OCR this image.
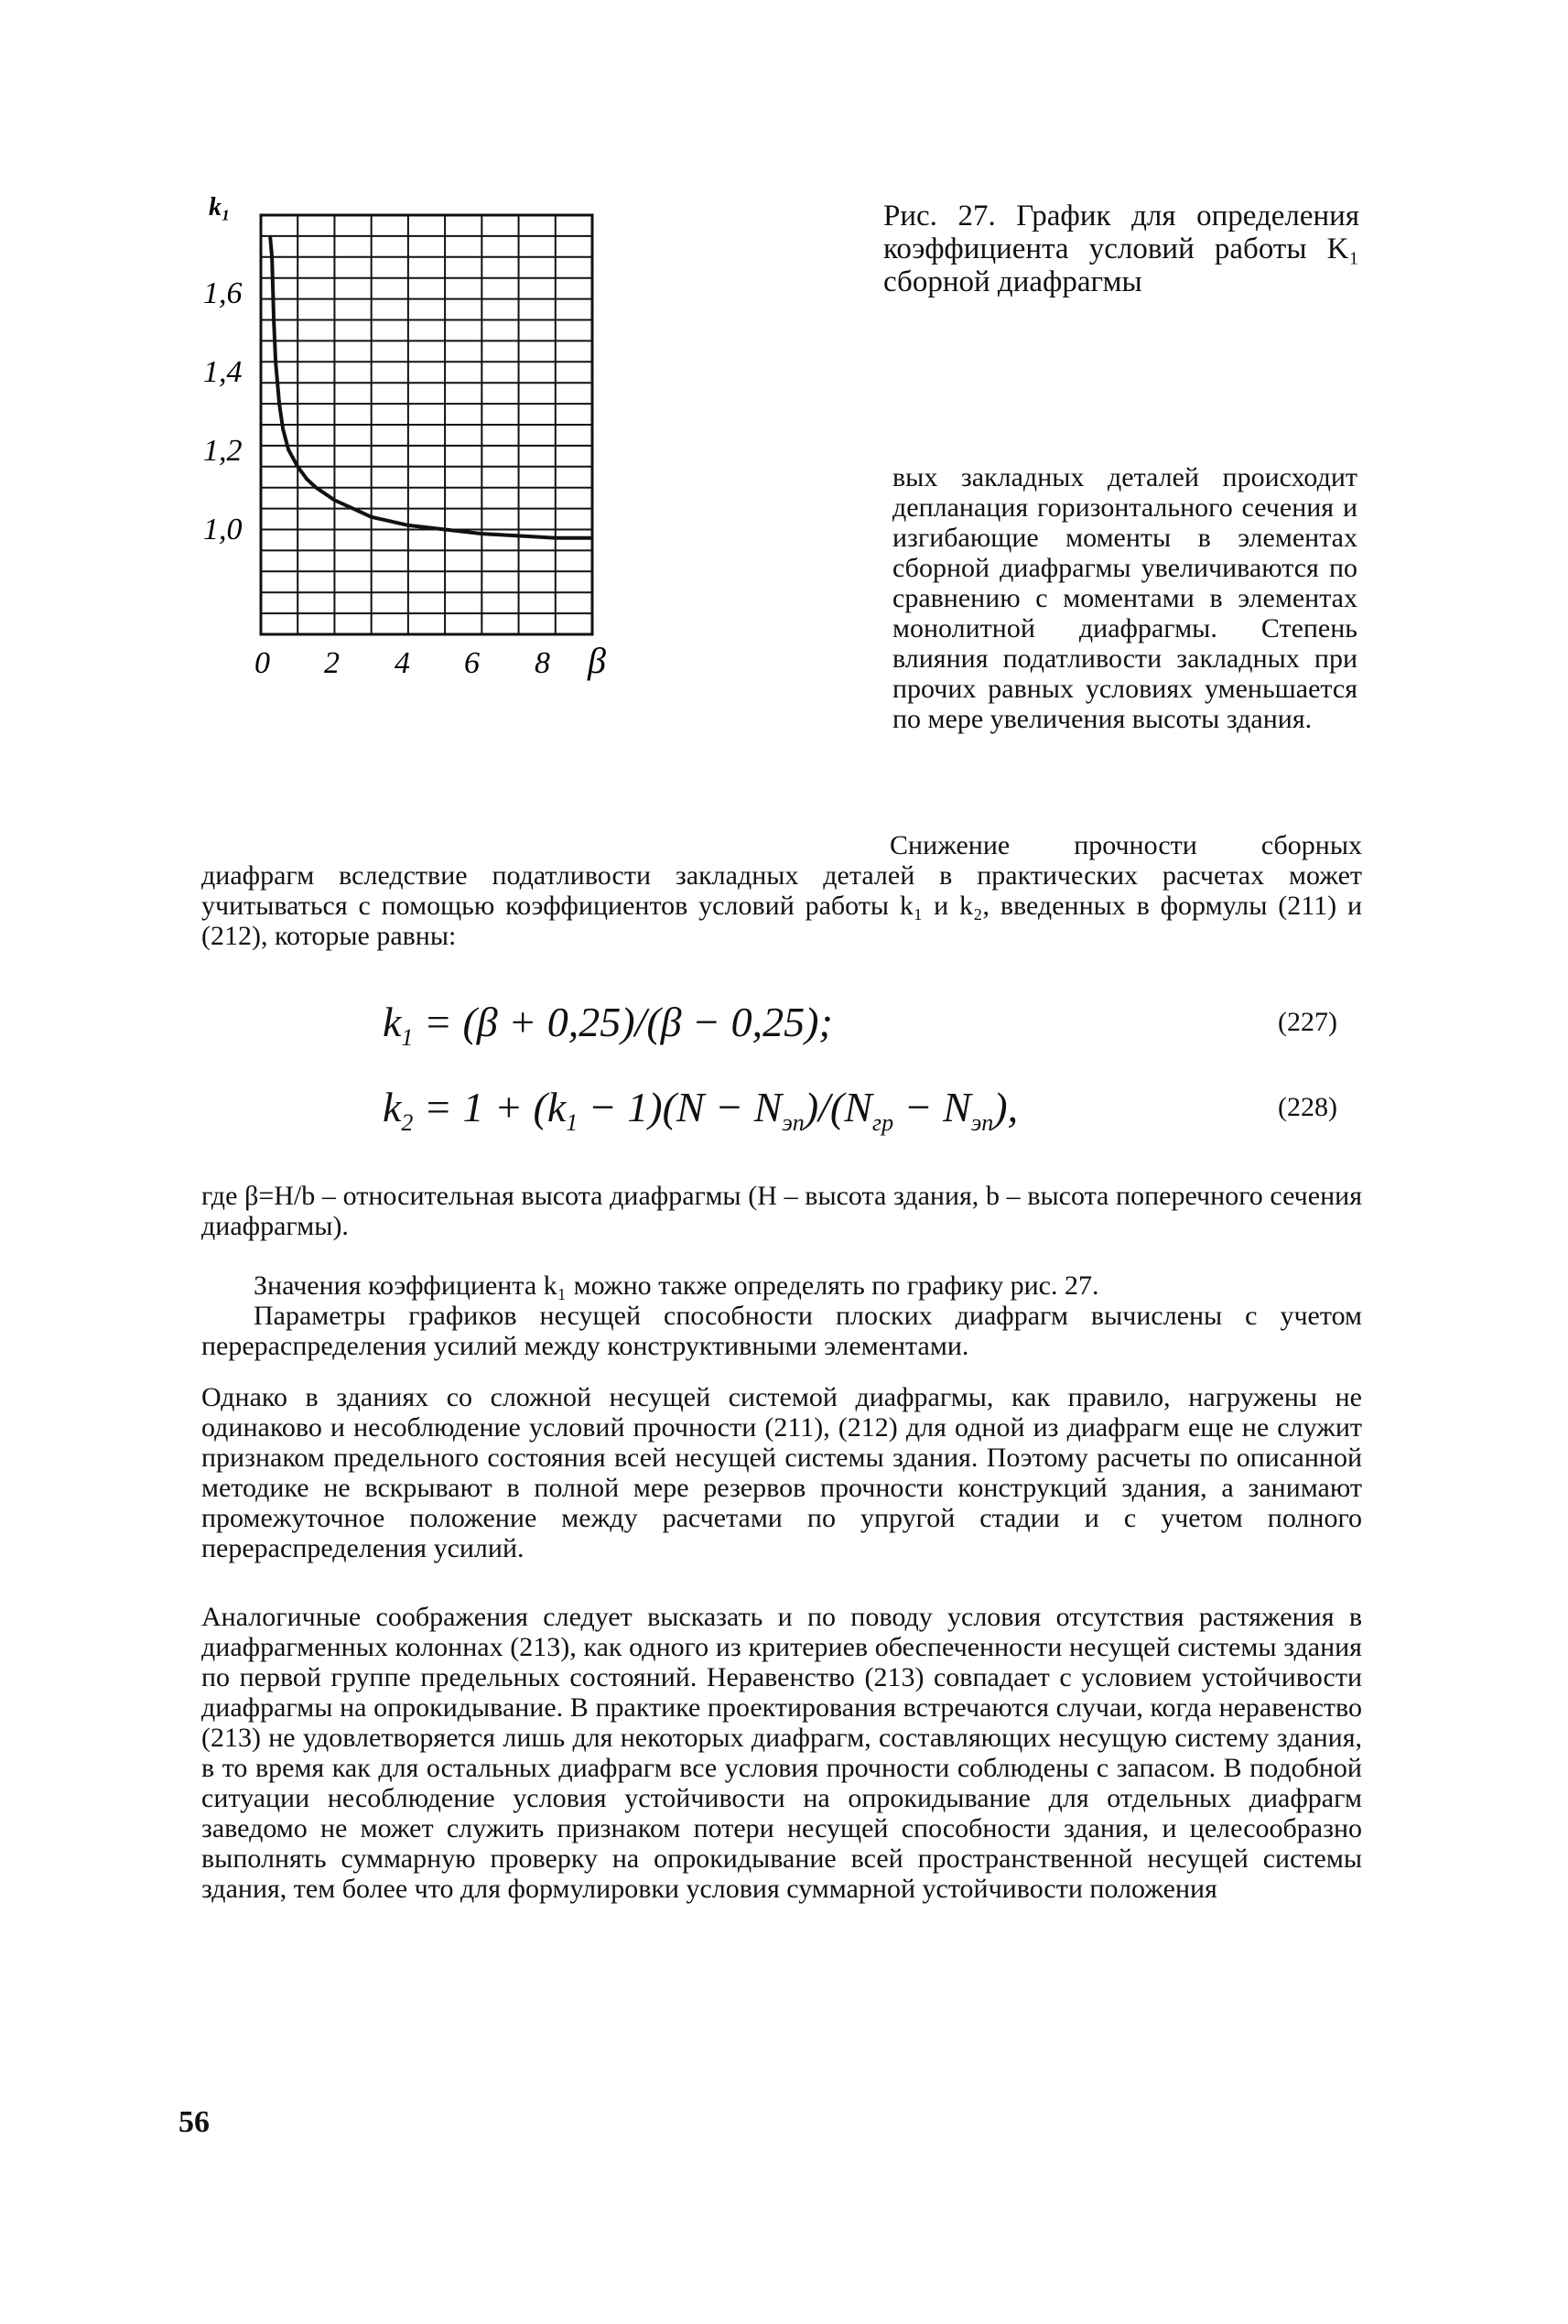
k₁
β
1,6
1,4
1,2
1,0
0 2 4 6 8
Рис. 27. График для определения коэффициента условий работы K₁ сборной диафрагмы
вых закладных деталей происходит депланация горизонтального сечения и изгибающие моменты в элементах сборной диафрагмы увеличиваются по сравнению с моментами в элементах монолитной диафрагмы. Степень влияния податливости закладных при прочих равных условиях уменьшается по мере увеличения высоты здания.
Снижение прочности сборных диафрагм вследствие податливости закладных деталей в практических расчетах может учитываться с помощью коэффициентов условий работы k₁ и k₂, введенных в формулы (211) и (212), которые равны:
$k_1 = (\beta + 0,25)/(\beta - 0,25)$;	(227)
$k_2 = 1 + (k_1 - 1)(N - N_{эп})/(N_{гр} - N_{эп})$,	(228)
где β=H/b – относительная высота диафрагмы (H – высота здания, b – высота поперечного сечения диафрагмы).
Значения коэффициента k₁ можно также определять по графику рис. 27.
Параметры графиков несущей способности плоских диафрагм вычислены с учетом перераспределения усилий между конструктивными элементами.
Однако в зданиях со сложной несущей системой диафрагмы, как правило, нагружены не одинаково и несоблюдение условий прочности (211), (212) для одной из диафрагм еще не служит признаком предельного состояния всей несущей системы здания. Поэтому расчеты по описанной методике не вскрывают в полной мере резервов прочности конструкций здания, а занимают промежуточное положение между расчетами по упругой стадии и с учетом полного перераспределения усилий.
Аналогичные соображения следует высказать и по поводу условия отсутствия растяжения в диафрагменных колоннах (213), как одного из критериев обеспеченности несущей системы здания по первой группе предельных состояний. Неравенство (213) совпадает с условием устойчивости диафрагмы на опрокидывание. В практике проектирования встречаются случаи, когда неравенство (213) не удовлетворяется лишь для некоторых диафрагм, составляющих несущую систему здания, в то время как для остальных диафрагм все условия прочности соблюдены с запасом. В подобной ситуации несоблюдение условия устойчивости на опрокидывание для отдельных диафрагм заведомо не может служить признаком потери несущей способности здания, и целесообразно выполнять суммарную проверку на опрокидывание всей пространственной несущей системы здания, тем более что для формулировки условия суммарной устойчивости положения
56
